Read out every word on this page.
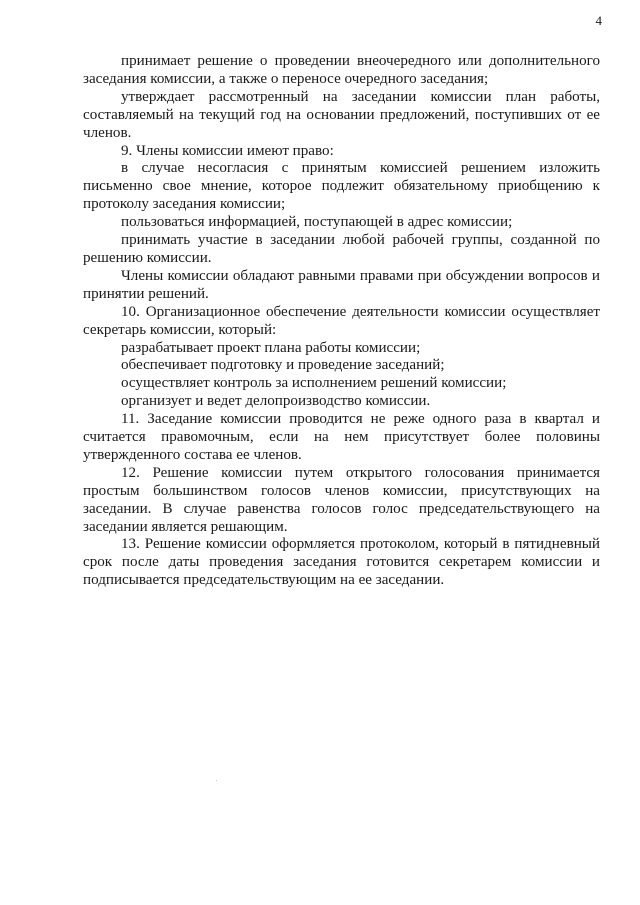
4

принимает решение о проведении внеочередного или дополнительного заседания комиссии, а также о переносе очередного заседания;

утверждает рассмотренный на заседании комиссии план работы, составляемый на текущий год на основании предложений, поступивших от ее членов.

9. Члены комиссии имеют право:

в случае несогласия с принятым комиссией решением изложить письменно свое мнение, которое подлежит обязательному приобщению к протоколу заседания комиссии;

пользоваться информацией, поступающей в адрес комиссии;

принимать участие в заседании любой рабочей группы, созданной по решению комиссии.

Члены комиссии обладают равными правами при обсуждении вопросов и принятии решений.

10. Организационное обеспечение деятельности комиссии осуществляет секретарь комиссии, который:

разрабатывает проект плана работы комиссии;

обеспечивает подготовку и проведение заседаний;

осуществляет контроль за исполнением решений комиссии;

организует и ведет делопроизводство комиссии.

11. Заседание комиссии проводится не реже одного раза в квартал и считается правомочным, если на нем присутствует более половины утвержденного состава ее членов.

12. Решение комиссии путем открытого голосования принимается простым большинством голосов членов комиссии, присутствующих на заседании. В случае равенства голосов голос председательствующего на заседании является решающим.

13. Решение комиссии оформляется протоколом, который в пятидневный срок после даты проведения заседания готовится секретарем комиссии и подписывается председательствующим на ее заседании.
